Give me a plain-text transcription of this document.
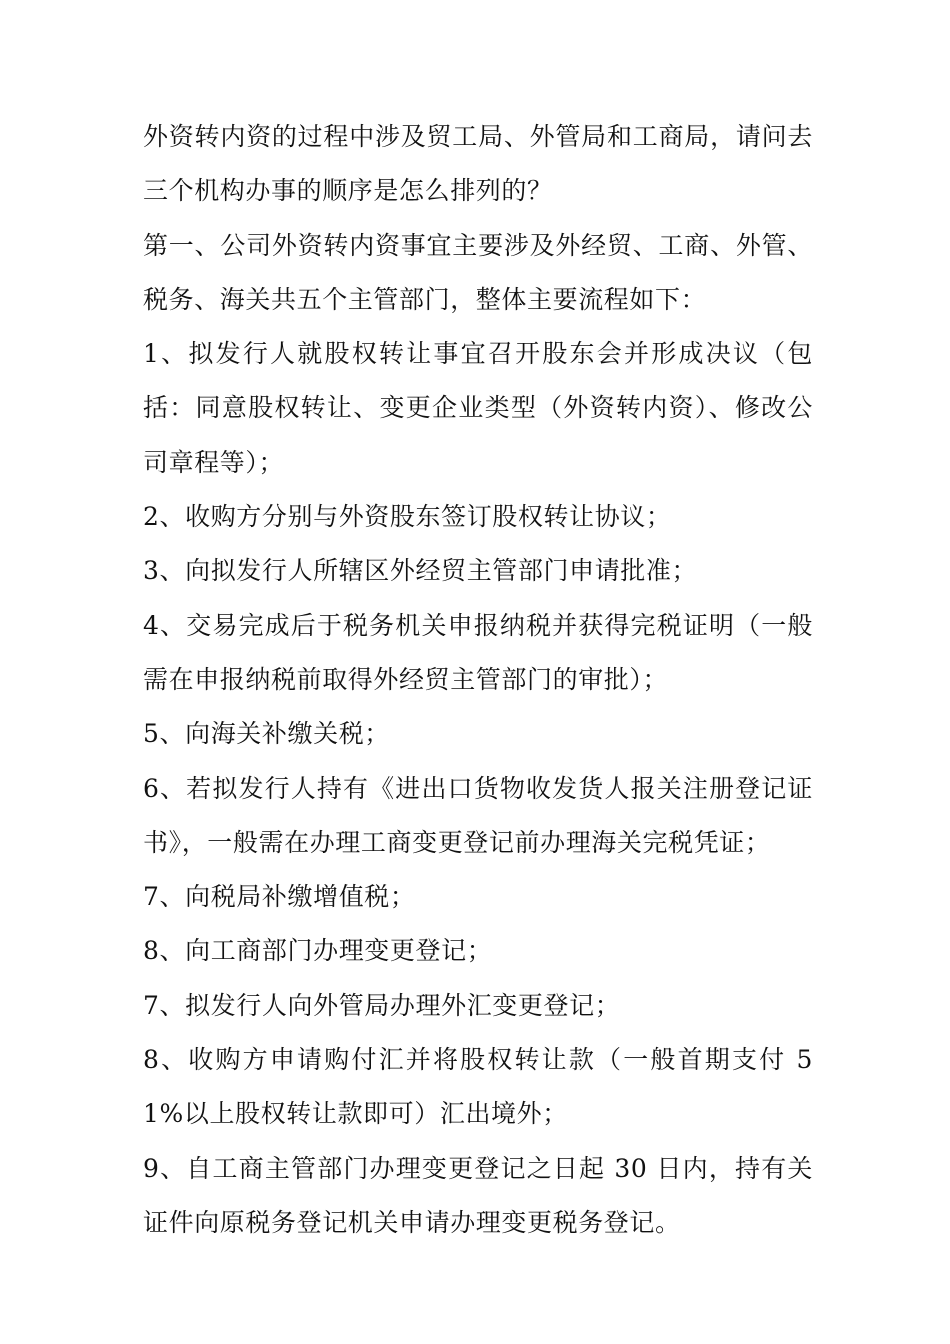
外资转内资的过程中涉及贸工局、外管局和工商局，请问去三个机构办事的顺序是怎么排列的？

第一、公司外资转内资事宜主要涉及外经贸、工商、外管、税务、海关共五个主管部门，整体主要流程如下：

1、拟发行人就股权转让事宜召开股东会并形成决议（包括：同意股权转让、变更企业类型（外资转内资）、修改公司章程等）；

2、收购方分别与外资股东签订股权转让协议；

3、向拟发行人所辖区外经贸主管部门申请批准；

4、交易完成后于税务机关申报纳税并获得完税证明（一般需在申报纳税前取得外经贸主管部门的审批）；

5、向海关补缴关税；

6、若拟发行人持有《进出口货物收发货人报关注册登记证书》，一般需在办理工商变更登记前办理海关完税凭证；

7、向税局补缴增值税；

8、向工商部门办理变更登记；

7、拟发行人向外管局办理外汇变更登记；

8、收购方申请购付汇并将股权转让款（一般首期支付 51%以上股权转让款即可）汇出境外；

9、自工商主管部门办理变更登记之日起 30 日内，持有关证件向原税务登记机关申请办理变更税务登记。
